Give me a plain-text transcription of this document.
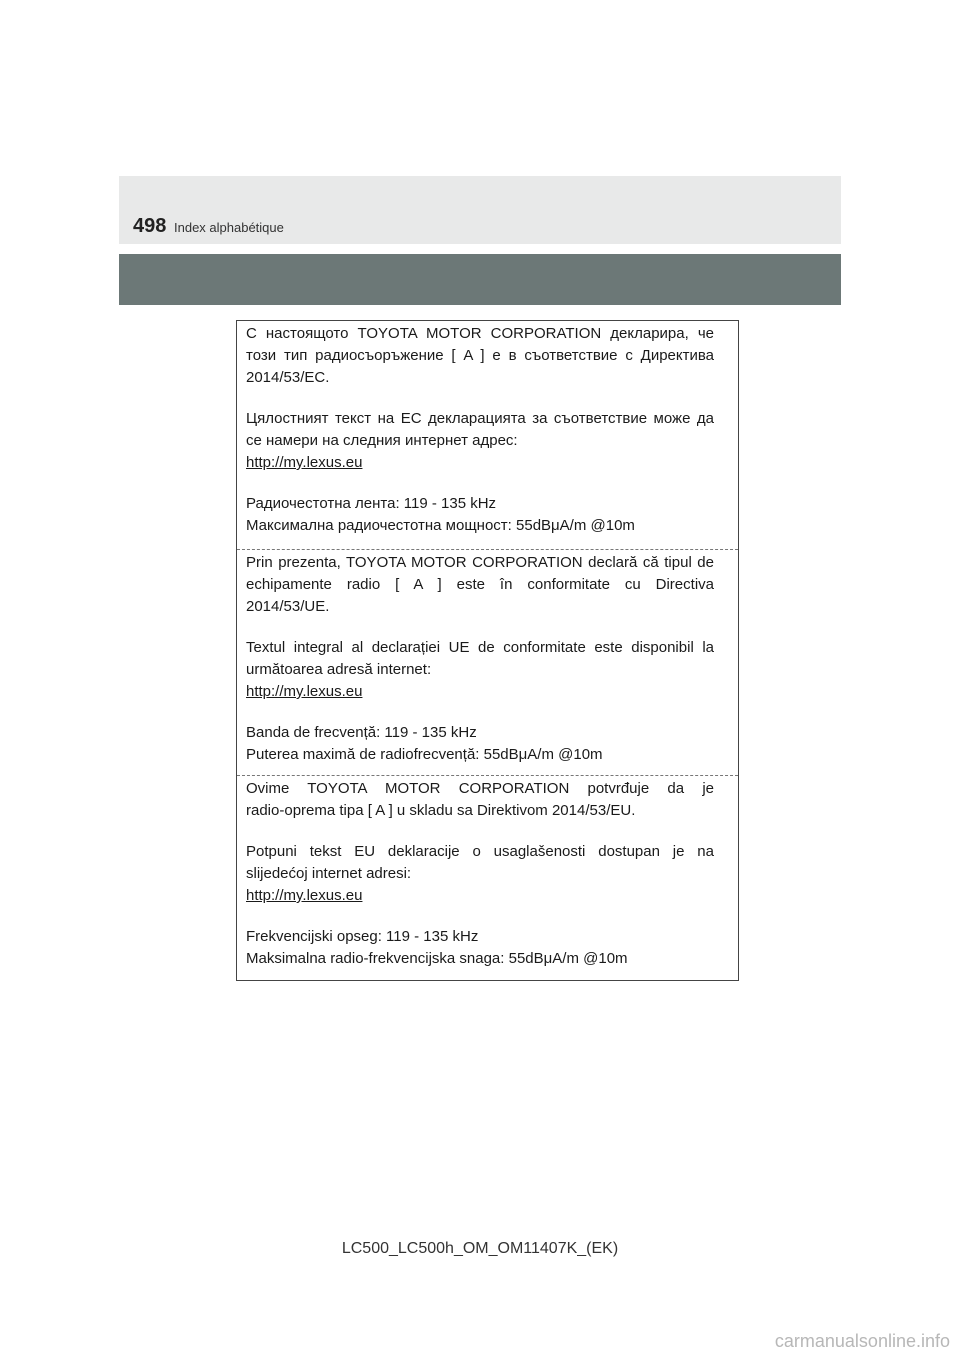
498 Index alphabétique

С настоящото TOYOTA MOTOR CORPORATION декларира, че

този тип радиосъоръжение [ A ] е в съответствие с Директива

2014/53/ЕС.

Цялостният текст на ЕС декларацията за съответствие може да

се намери на следния интернет адрес:

http://my.lexus.eu

Радиочестотна лента: 119 - 135 kHz

Максимална радиочестотна мощност: 55dBμA/m @10m

Prin prezenta, TOYOTA MOTOR CORPORATION declară că tipul de

echipamente radio [ A ] este în conformitate cu Directiva

2014/53/UE.

Textul integral al declarației UE de conformitate este disponibil la

următoarea adresă internet:

http://my.lexus.eu

Banda de frecvență: 119 - 135 kHz

Puterea maximă de radiofrecvență: 55dBμA/m @10m

Ovime TOYOTA MOTOR CORPORATION potvrđuje da je

radio-oprema tipa [ A ] u skladu sa Direktivom 2014/53/EU.

Potpuni tekst EU deklaracije o usaglašenosti dostupan je na

slijedećoj internet adresi:

http://my.lexus.eu

Frekvencijski opseg: 119 - 135 kHz

Maksimalna radio-frekvencijska snaga: 55dBμA/m @10m

LC500_LC500h_OM_OM11407K_(EK)
carmanualsonline.info
